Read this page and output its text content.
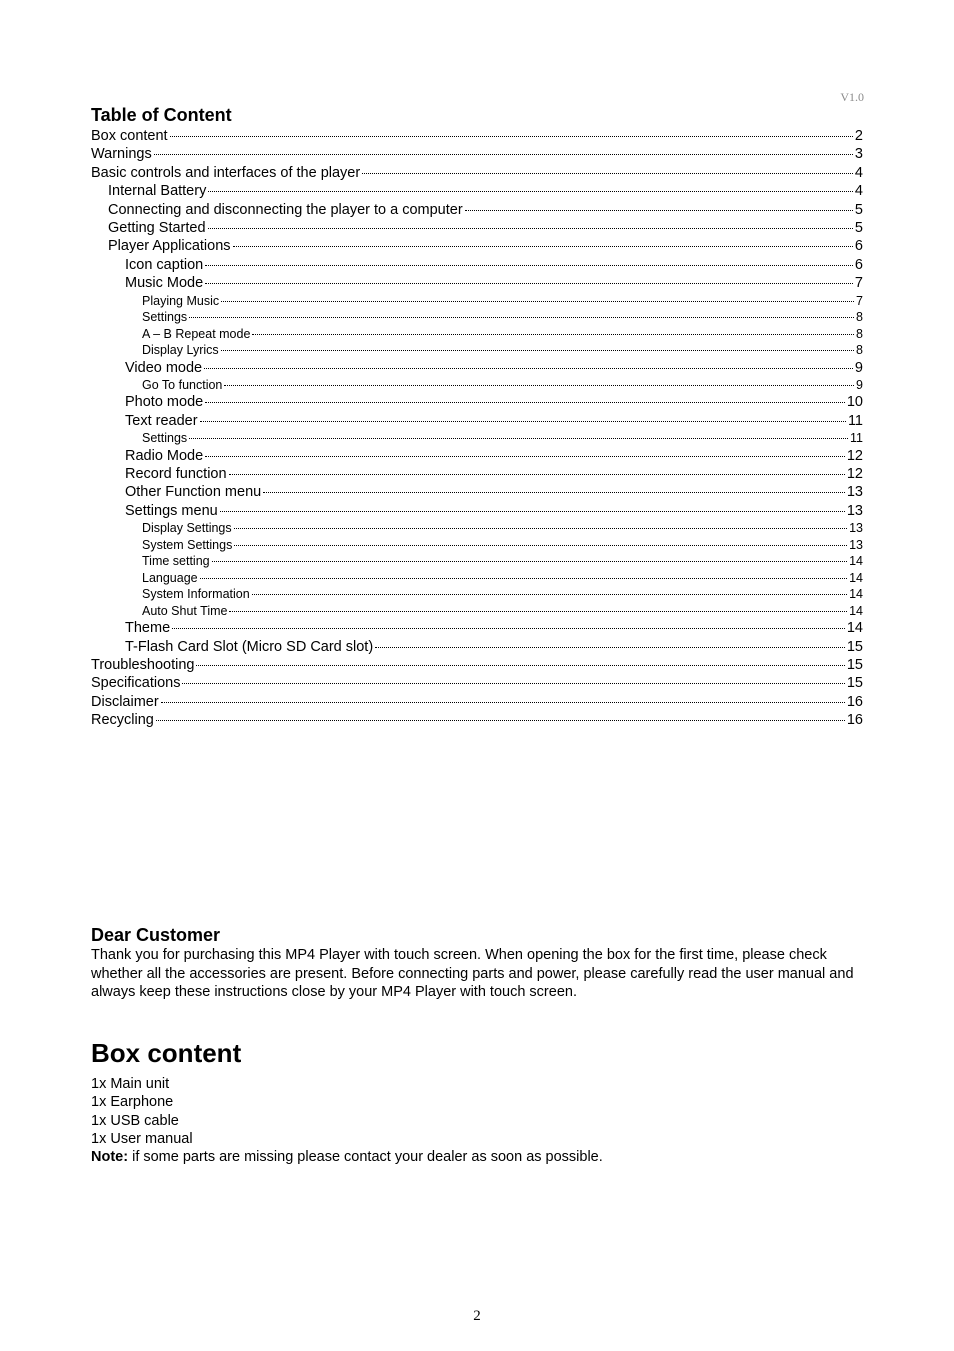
V1.0
Table of Content
Box content	2
Warnings	3
Basic controls and interfaces of the player	4
Internal Battery	4
Connecting and disconnecting the player to a computer	5
Getting Started	5
Player Applications	6
Icon caption	6
Music Mode	7
Playing Music	7
Settings	8
A – B Repeat mode	8
Display Lyrics	8
Video mode	9
Go To function	9
Photo mode	10
Text reader	11
Settings	11
Radio Mode	12
Record function	12
Other Function menu	13
Settings menu	13
Display Settings	13
System Settings	13
Time setting	14
Language	14
System Information	14
Auto Shut Time	14
Theme	14
T-Flash Card Slot (Micro SD Card slot)	15
Troubleshooting	15
Specifications	15
Disclaimer	16
Recycling	16
Dear Customer

Thank you for purchasing this MP4 Player with touch screen. When opening the box for the first time, please check whether all the accessories are present. Before connecting parts and power, please carefully read the user manual and always keep these instructions close by your MP4 Player with touch screen.

Box content
1x Main unit
1x Earphone
1x USB cable
1x User manual

Note: if some parts are missing please contact your dealer as soon as possible.

2
